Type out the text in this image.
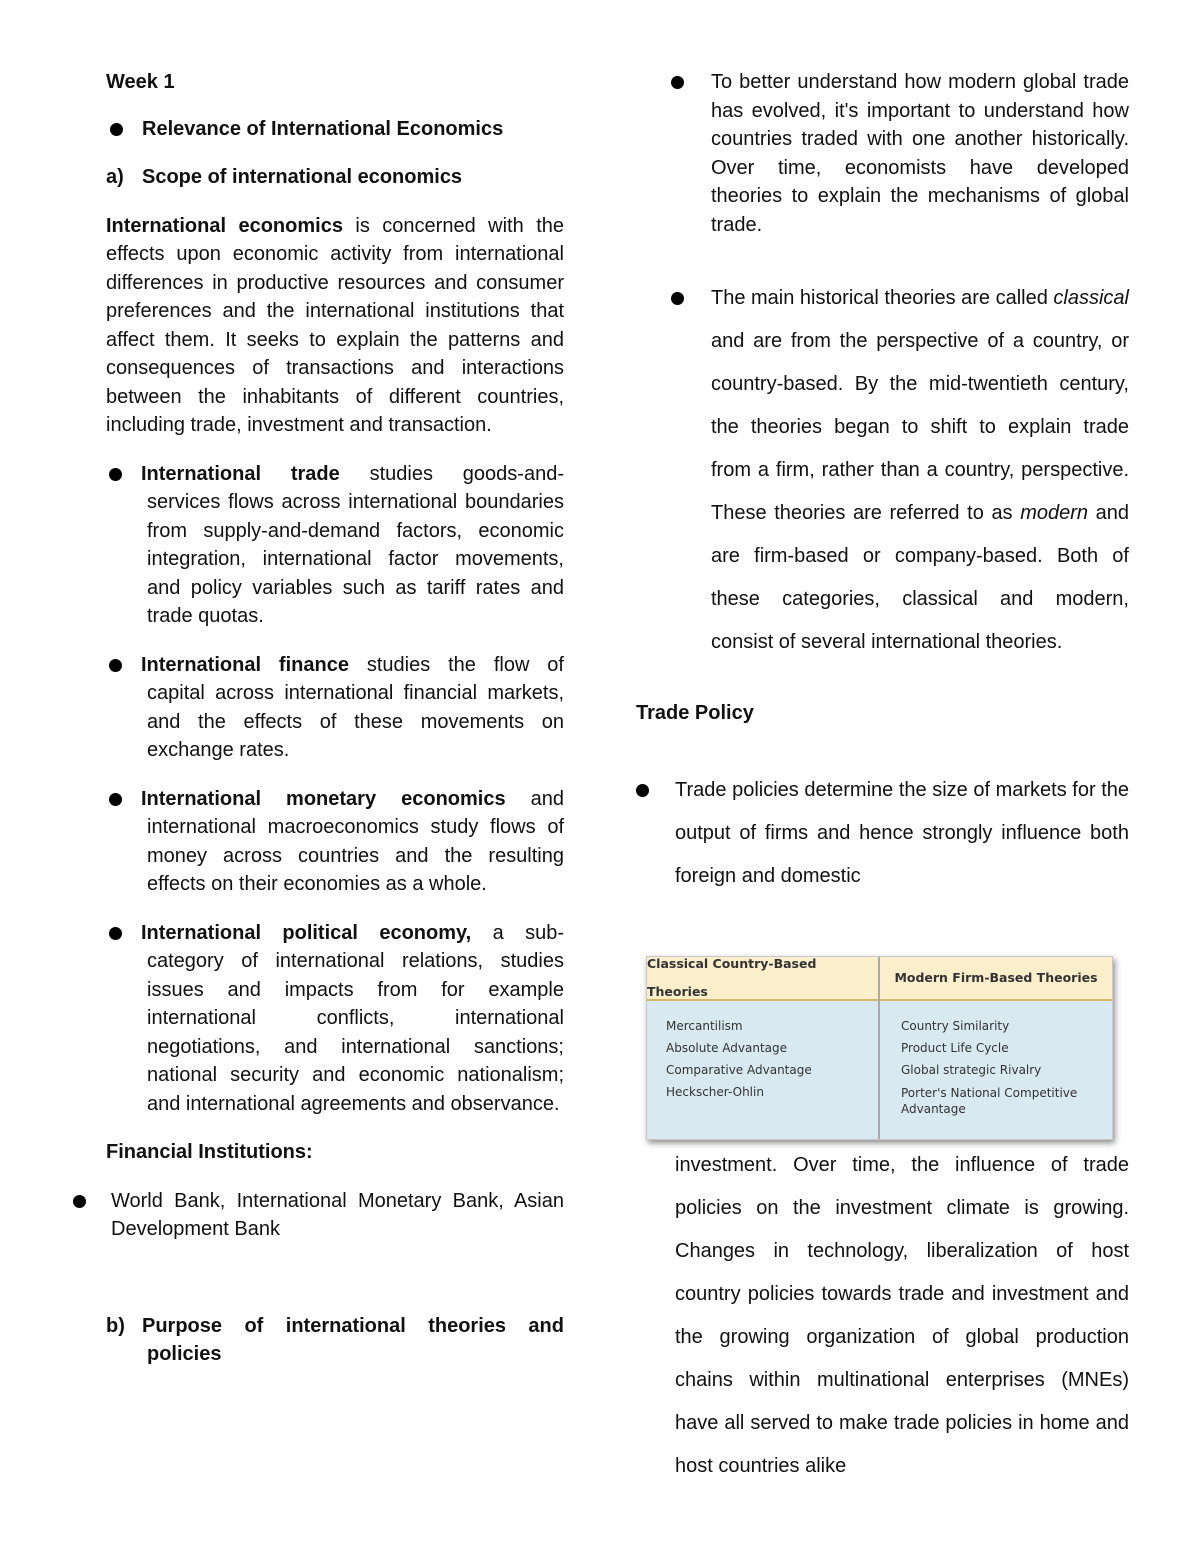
Week 1
Relevance of International Economics
a) Scope of international economics

International economics is concerned with the effects upon economic activity from international differences in productive resources and consumer preferences and the international institutions that affect them. It seeks to explain the patterns and consequences of transactions and interactions between the inhabitants of different countries, including trade, investment and transaction.

International trade studies goods-and-services flows across international boundaries from supply-and-demand factors, economic integration, international factor movements, and policy variables such as tariff rates and trade quotas.
International finance studies the flow of capital across international financial markets, and the effects of these movements on exchange rates.
International monetary economics and international macroeconomics study flows of money across countries and the resulting effects on their economies as a whole.
International political economy, a sub-category of international relations, studies issues and impacts from for example international conflicts, international negotiations, and international sanctions; national security and economic nationalism; and international agreements and observance.
Financial Institutions:
World Bank, International Monetary Bank, Asian Development Bank
b) Purpose of international theories and policies
To better understand how modern global trade has evolved, it's important to understand how countries traded with one another historically. Over time, economists have developed theories to explain the mechanisms of global trade.
The main historical theories are called classical and are from the perspective of a country, or country-based. By the mid-twentieth century, the theories began to shift to explain trade from a firm, rather than a country, perspective. These theories are referred to as modern and are firm-based or company-based. Both of these categories, classical and modern, consist of several international theories.
Trade Policy
Trade policies determine the size of markets for the output of firms and hence strongly influence both foreign and domestic
Classical Country-Based Theories
Modern Firm-Based Theories
Mercantilism
Absolute Advantage
Comparative Advantage
Heckscher-Ohlin
Country Similarity
Product Life Cycle
Global strategic Rivalry
Porter's National Competitive Advantage
investment. Over time, the influence of trade policies on the investment climate is growing. Changes in technology, liberalization of host country policies towards trade and investment and the growing organization of global production chains within multinational enterprises (MNEs) have all served to make trade policies in home and host countries alike
